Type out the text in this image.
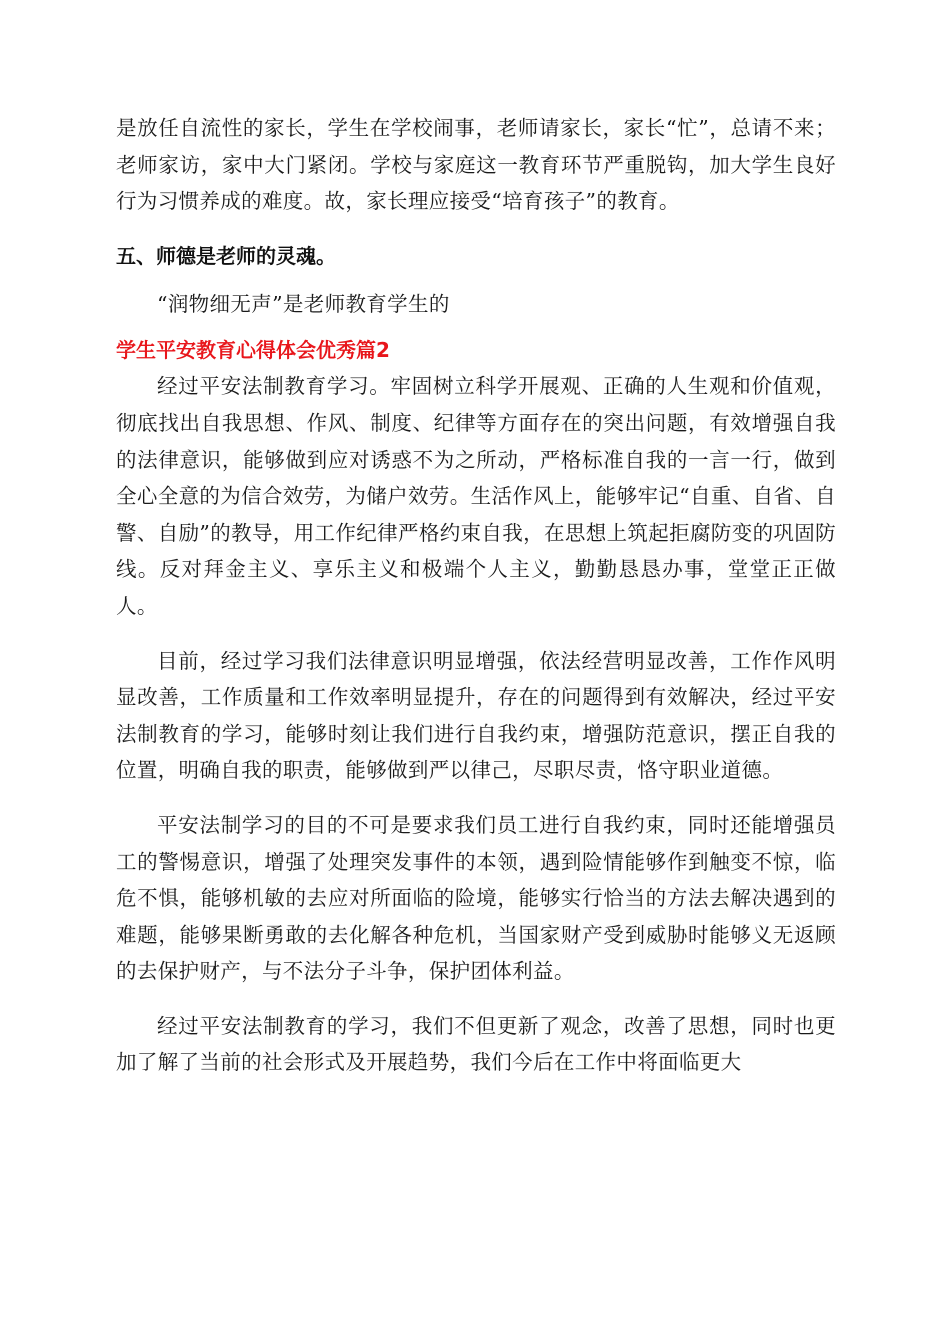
是放任自流性的家长，学生在学校闹事，老师请家长，家长“忙”，总请不来；老师家访，家中大门紧闭。学校与家庭这一教育环节严重脱钩，加大学生良好行为习惯养成的难度。故，家长理应接受“培育孩子”的教育。

五、师德是老师的灵魂。

“润物细无声”是老师教育学生的

学生平安教育心得体会优秀篇2

经过平安法制教育学习。牢固树立科学开展观、正确的人生观和价值观，彻底找出自我思想、作风、制度、纪律等方面存在的突出问题，有效增强自我的法律意识，能够做到应对诱惑不为之所动，严格标准自我的一言一行，做到全心全意的为信合效劳，为储户效劳。生活作风上，能够牢记“自重、自省、自警、自励”的教导，用工作纪律严格约束自我，在思想上筑起拒腐防变的巩固防线。反对拜金主义、享乐主义和极端个人主义，勤勤恳恳办事，堂堂正正做人。

目前，经过学习我们法律意识明显增强，依法经营明显改善，工作作风明显改善，工作质量和工作效率明显提升，存在的问题得到有效解决，经过平安法制教育的学习，能够时刻让我们进行自我约束，增强防范意识，摆正自我的位置，明确自我的职责，能够做到严以律己，尽职尽责，恪守职业道德。

平安法制学习的目的不可是要求我们员工进行自我约束，同时还能增强员工的警惕意识，增强了处理突发事件的本领，遇到险情能够作到触变不惊，临危不惧，能够机敏的去应对所面临的险境，能够实行恰当的方法去解决遇到的难题，能够果断勇敢的去化解各种危机，当国家财产受到威胁时能够义无返顾的去保护财产，与不法分子斗争，保护团体利益。

经过平安法制教育的学习，我们不但更新了观念，改善了思想，同时也更加了解了当前的社会形式及开展趋势，我们今后在工作中将面临更大
